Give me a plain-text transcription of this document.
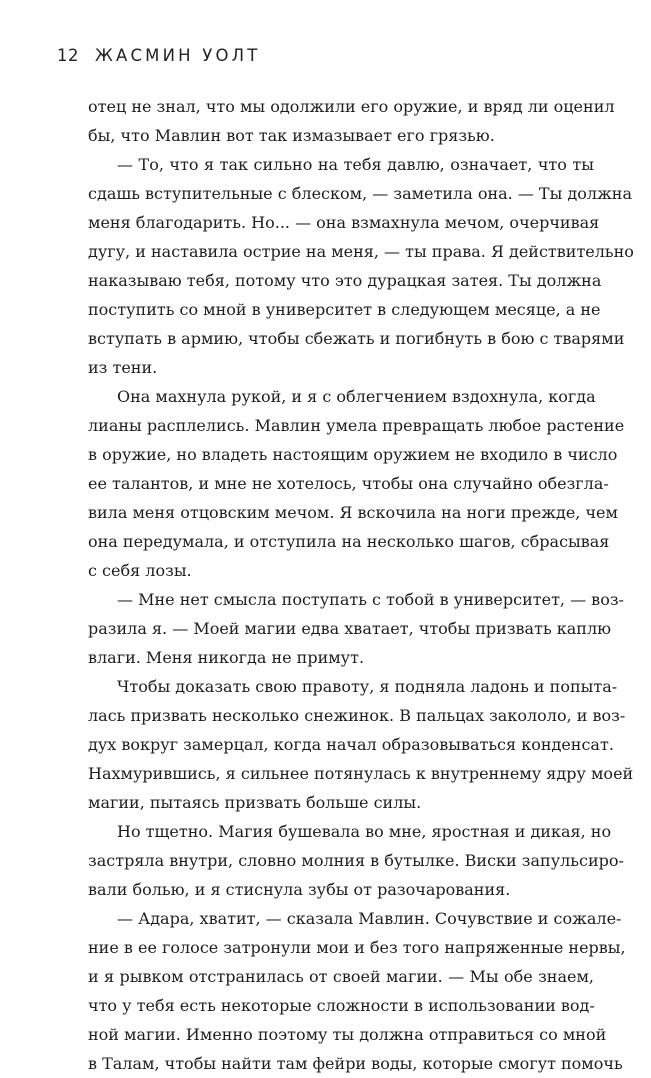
12 ЖАСМИН УОЛТ
отец не знал, что мы одолжили его оружие, и вряд ли оценил
бы, что Мавлин вот так измазывает его грязью.
— То, что я так сильно на тебя давлю, означает, что ты
сдашь вступительные с блеском, — заметила она. — Ты должна
меня благодарить. Но... — она взмахнула мечом, очерчивая
дугу, и наставила острие на меня, — ты права. Я действительно
наказываю тебя, потому что это дурацкая затея. Ты должна
поступить со мной в университет в следующем месяце, а не
вступать в армию, чтобы сбежать и погибнуть в бою с тварями
из тени.
Она махнула рукой, и я с облегчением вздохнула, когда
лианы расплелись. Мавлин умела превращать любое растение
в оружие, но владеть настоящим оружием не входило в число
ее талантов, и мне не хотелось, чтобы она случайно обезгла-
вила меня отцовским мечом. Я вскочила на ноги прежде, чем
она передумала, и отступила на несколько шагов, сбрасывая
с себя лозы.
— Мне нет смысла поступать с тобой в университет, — воз-
разила я. — Моей магии едва хватает, чтобы призвать каплю
влаги. Меня никогда не примут.
Чтобы доказать свою правоту, я подняла ладонь и попыта-
лась призвать несколько снежинок. В пальцах закололо, и воз-
дух вокруг замерцал, когда начал образовываться конденсат.
Нахмурившись, я сильнее потянулась к внутреннему ядру моей
магии, пытаясь призвать больше силы.
Но тщетно. Магия бушевала во мне, яростная и дикая, но
застряла внутри, словно молния в бутылке. Виски запульсиро-
вали болью, и я стиснула зубы от разочарования.
— Адара, хватит, — сказала Мавлин. Сочувствие и сожале-
ние в ее голосе затронули мои и без того напряженные нервы,
и я рывком отстранилась от своей магии. — Мы обе знаем,
что у тебя есть некоторые сложности в использовании вод-
ной магии. Именно поэтому ты должна отправиться со мной
в Талам, чтобы найти там фейри воды, которые смогут помочь
